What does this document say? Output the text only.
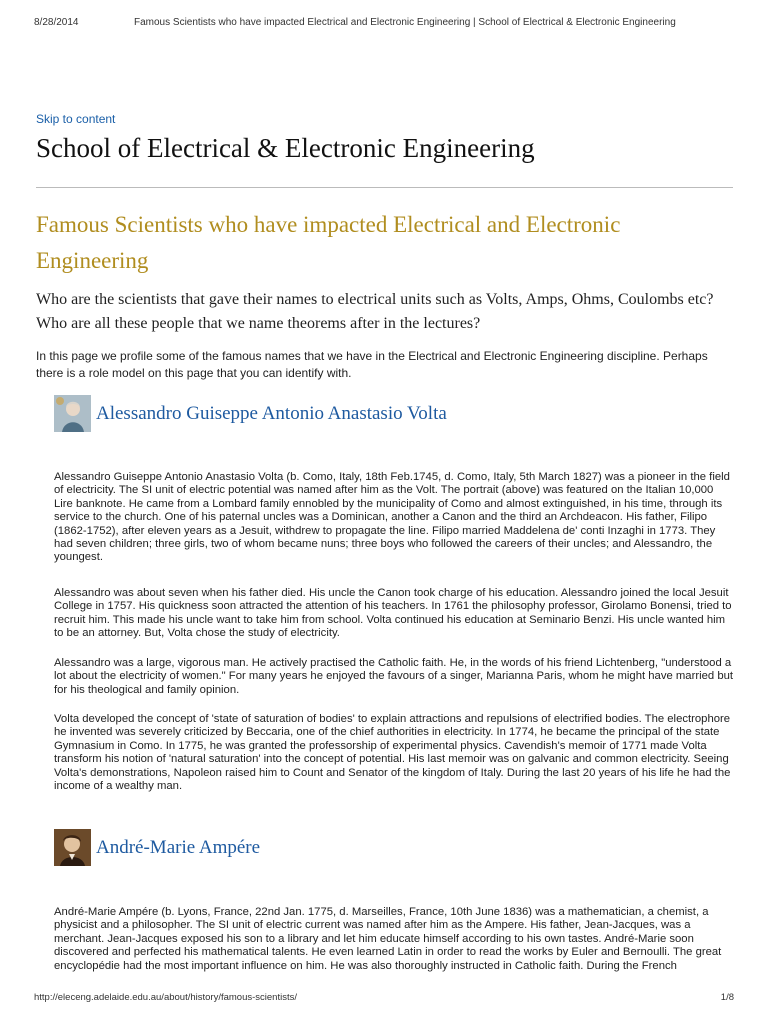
8/28/2014	Famous Scientists who have impacted Electrical and Electronic Engineering | School of Electrical & Electronic Engineering
Skip to content
School of Electrical & Electronic Engineering
Famous Scientists who have impacted Electrical and Electronic Engineering

Who are the scientists that gave their names to electrical units such as Volts, Amps, Ohms, Coulombs etc? Who are all these people that we name theorems after in the lectures?

In this page we profile some of the famous names that we have in the Electrical and Electronic Engineering discipline. Perhaps there is a role model on this page that you can identify with.

Alessandro Guiseppe Antonio Anastasio Volta

Alessandro Guiseppe Antonio Anastasio Volta (b. Como, Italy, 18th Feb.1745, d. Como, Italy, 5th March 1827) was a pioneer in the field of electricity. The SI unit of electric potential was named after him as the Volt. The portrait (above) was featured on the Italian 10,000 Lire banknote. He came from a Lombard family ennobled by the municipality of Como and almost extinguished, in his time, through its service to the church. One of his paternal uncles was a Dominican, another a Canon and the third an Archdeacon. His father, Filipo (1862-1752), after eleven years as a Jesuit, withdrew to propagate the line. Filipo married Maddelena de' conti Inzaghi in 1773. They had seven children; three girls, two of whom became nuns; three boys who followed the careers of their uncles; and Alessandro, the youngest.

Alessandro was about seven when his father died. His uncle the Canon took charge of his education. Alessandro joined the local Jesuit College in 1757. His quickness soon attracted the attention of his teachers. In 1761 the philosophy professor, Girolamo Bonensi, tried to recruit him. This made his uncle want to take him from school. Volta continued his education at Seminario Benzi. His uncle wanted him to be an attorney. But, Volta chose the study of electricity.

Alessandro was a large, vigorous man. He actively practised the Catholic faith. He, in the words of his friend Lichtenberg, "understood a lot about the electricity of women." For many years he enjoyed the favours of a singer, Marianna Paris, whom he might have married but for his theological and family opinion.

Volta developed the concept of 'state of saturation of bodies' to explain attractions and repulsions of electrified bodies. The electrophore he invented was severely criticized by Beccaria, one of the chief authorities in electricity. In 1774, he became the principal of the state Gymnasium in Como. In 1775, he was granted the professorship of experimental physics. Cavendish's memoir of 1771 made Volta transform his notion of 'natural saturation' into the concept of potential. His last memoir was on galvanic and common electricity. Seeing Volta's demonstrations, Napoleon raised him to Count and Senator of the kingdom of Italy. During the last 20 years of his life he had the income of a wealthy man.

André-Marie Ampére

André-Marie Ampére (b. Lyons, France, 22nd Jan. 1775, d. Marseilles, France, 10th June 1836) was a mathematician, a chemist, a physicist and a philosopher. The SI unit of electric current was named after him as the Ampere. His father, Jean-Jacques, was a merchant. Jean-Jacques exposed his son to a library and let him educate himself according to his own tastes. André-Marie soon discovered and perfected his mathematical talents. He even learned Latin in order to read the works by Euler and Bernoulli. The great encyclopédie had the most important influence on him. He was also thoroughly instructed in Catholic faith. During the French

http://eleceng.adelaide.edu.au/about/history/famous-scientists/	1/8
